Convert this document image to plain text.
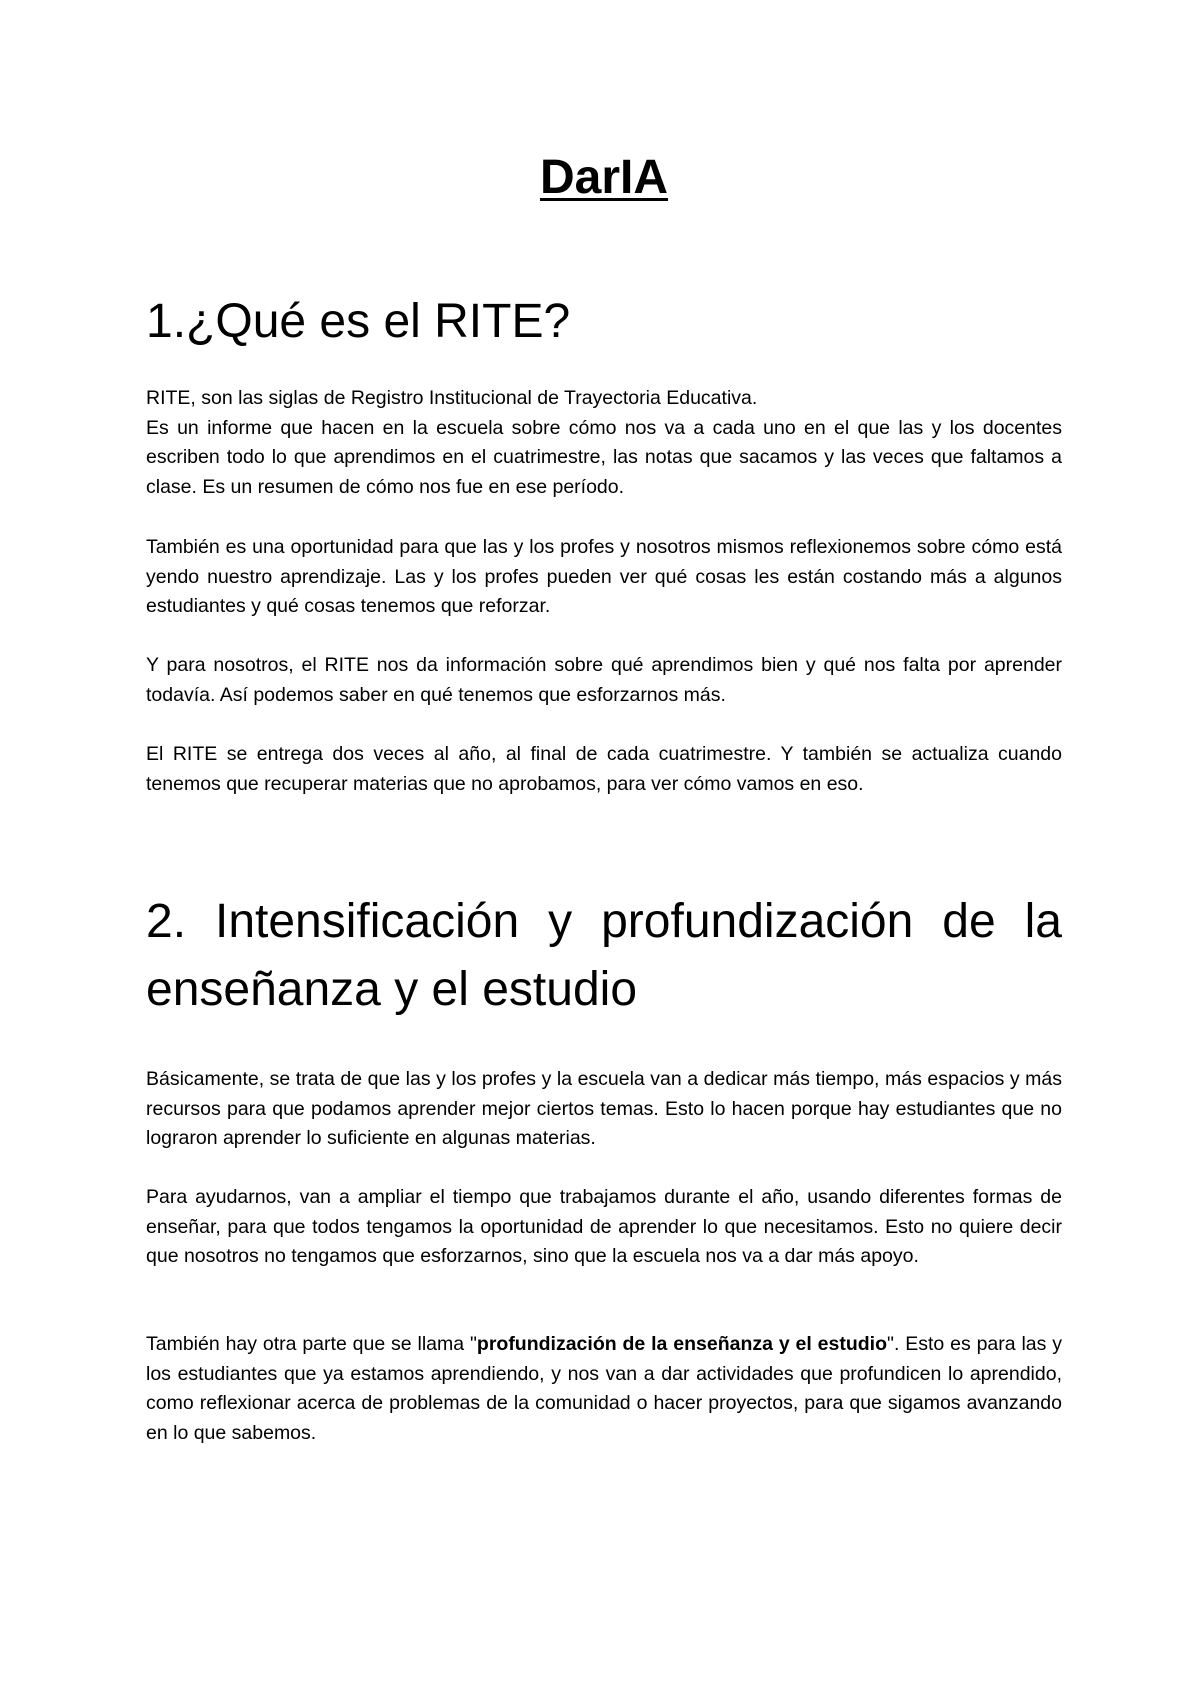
DarIA
1.¿Qué es el RITE?

RITE, son las siglas de Registro Institucional de Trayectoria Educativa.
Es un informe que hacen en la escuela sobre cómo nos va a cada uno en el que las y los docentes escriben todo lo que aprendimos en el cuatrimestre, las notas que sacamos y las veces que faltamos a clase. Es un resumen de cómo nos fue en ese período.

También es una oportunidad para que las y los profes y nosotros mismos reflexionemos sobre cómo está yendo nuestro aprendizaje. Las y los profes pueden ver qué cosas les están costando más a algunos estudiantes y qué cosas tenemos que reforzar.

Y para nosotros, el RITE nos da información sobre qué aprendimos bien y qué nos falta por aprender todavía. Así podemos saber en qué tenemos que esforzarnos más.

El RITE se entrega dos veces al año, al final de cada cuatrimestre. Y también se actualiza cuando tenemos que recuperar materias que no aprobamos, para ver cómo vamos en eso.

2. Intensificación y profundización de la enseñanza y el estudio

Básicamente, se trata de que las y los profes y la escuela van a dedicar más tiempo, más espacios y más recursos para que podamos aprender mejor ciertos temas. Esto lo hacen porque hay estudiantes que no lograron aprender lo suficiente en algunas materias.

Para ayudarnos, van a ampliar el tiempo que trabajamos durante el año, usando diferentes formas de enseñar, para que todos tengamos la oportunidad de aprender lo que necesitamos. Esto no quiere decir que nosotros no tengamos que esforzarnos, sino que la escuela nos va a dar más apoyo.

También hay otra parte que se llama "profundización de la enseñanza y el estudio". Esto es para las y los estudiantes que ya estamos aprendiendo, y nos van a dar actividades que profundicen lo aprendido, como reflexionar acerca de problemas de la comunidad o hacer proyectos, para que sigamos avanzando en lo que sabemos.
